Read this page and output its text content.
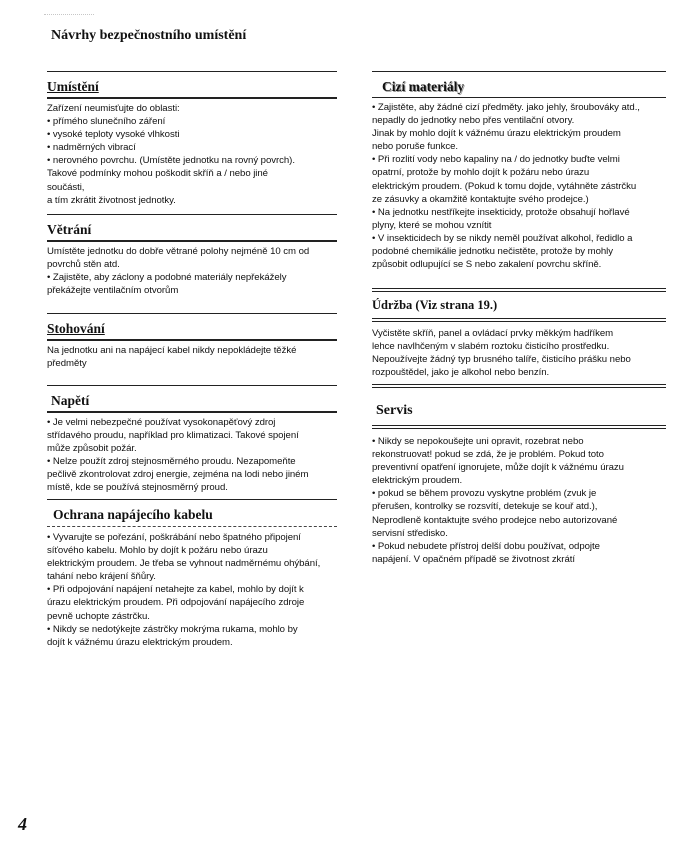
Návrhy bezpečnostního umístění
Umístění

Zařízení neumisťujte do oblasti:

• přímého slunečního záření

• vysoké teploty vysoké vlhkosti

• nadměrných vibrací

• nerovného povrchu. (Umístěte jednotku na rovný povrch).

Takové podmínky mohou poškodit skříň a / nebo jiné

součásti,

a tím zkrátit životnost jednotky.

Větrání

Umístěte jednotku do dobře větrané polohy nejméně 10 cm od

povrchů stěn atd.

• Zajistěte, aby záclony a podobné materiály nepřekážely

překážejte ventilačním otvorům

Stohování

Na jednotku ani na napájecí kabel nikdy nepokládejte těžké

předměty

Napětí

• Je velmi nebezpečné používat vysokonapěťový zdroj

střídavého proudu, například pro klimatizaci. Takové spojení

může způsobit požár.

• Nelze použít zdroj stejnosměrného proudu. Nezapomeňte

pečlivě zkontrolovat zdroj energie, zejména na lodi nebo jiném

místě, kde se používá stejnosměrný proud.

Ochrana napájecího kabelu

• Vyvarujte se pořezání, poškrábání nebo špatného připojení

síťového kabelu. Mohlo by dojít k požáru nebo úrazu

elektrickým proudem. Je třeba se vyhnout nadměrnému ohýbání,

tahání nebo krájení šňůry.

• Při odpojování napájení netahejte za kabel, mohlo by dojít k

úrazu elektrickým proudem. Při odpojování napájecího zdroje

pevně uchopte zástrčku.

• Nikdy se nedotýkejte zástrčky mokrýma rukama, mohlo by

dojít k vážnému úrazu elektrickým proudem.

Cizí materiály

• Zajistěte, aby žádné cizí předměty. jako jehly, šroubováky atd.,

nepadly do jednotky nebo přes ventilační otvory.

Jinak by mohlo dojít k vážnému úrazu elektrickým proudem

nebo poruše funkce.

• Při rozlití vody nebo kapaliny na / do jednotky buďte velmi

opatrní, protože by mohlo dojít k požáru nebo úrazu

elektrickým proudem. (Pokud k tomu dojde, vytáhněte zástrčku

ze zásuvky a okamžitě kontaktujte svého prodejce.)

• Na jednotku nestříkejte insekticidy, protože obsahují hořlavé

plyny, které se mohou vznítit

• V insekticidech by se nikdy neměl používat alkohol, ředidlo a

podobné chemikálie jednotku nečistěte, protože by mohly

způsobit odlupující se S nebo zakalení povrchu skříně.

Údržba (Viz strana 19.)

Vyčistěte skříň, panel a ovládací prvky měkkým hadříkem

lehce navlhčeným v slabém roztoku čisticího prostředku.

Nepoužívejte žádný typ brusného talíře, čisticího prášku nebo

rozpouštědel, jako je alkohol nebo benzín.

Servis

• Nikdy se nepokoušejte uni opravit, rozebrat nebo

rekonstruovat! pokud se zdá, že je problém. Pokud toto

preventivní opatření ignorujete, může dojít k vážnému úrazu

elektrickým proudem.

• pokud se během provozu vyskytne problém (zvuk je

přerušen, kontrolky se rozsvítí, detekuje se kouř atd.),

Neprodleně kontaktujte svého prodejce nebo autorizované

servisní středisko.

• Pokud nebudete přístroj delší dobu používat, odpojte

napájení. V opačném případě se životnost zkrátí

4
